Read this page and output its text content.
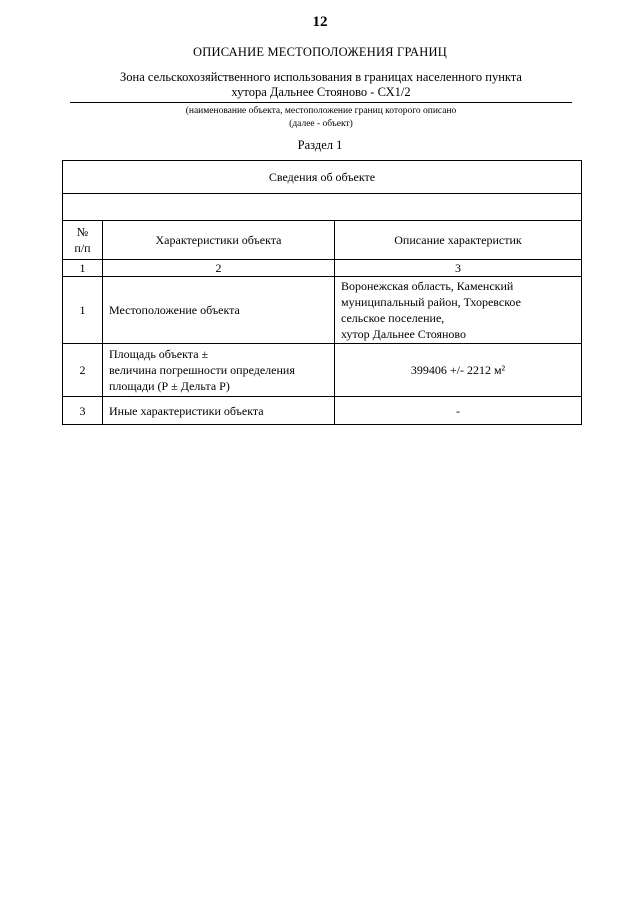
12
ОПИСАНИЕ МЕСТОПОЛОЖЕНИЯ ГРАНИЦ
Зона сельскохозяйственного использования в границах населенного пункта
хутора Дальнее Стояново - СХ1/2
(наименование объекта, местоположение границ которого описано
(далее - объект)
Раздел 1
Сведения об объекте		

№
п/п	Характеристики объекта	Описание характеристик
1	2	3
1	Местоположение объекта	Воронежская область, Каменский
муниципальный район, Тхоревское
сельское поселение,
хутор Дальнее Стояново
2	Площадь объекта ±
величина погрешности определения
площади (Р ± Дельта Р)	399406 +/- 2212 м²
3	Иные характеристики объекта	-
